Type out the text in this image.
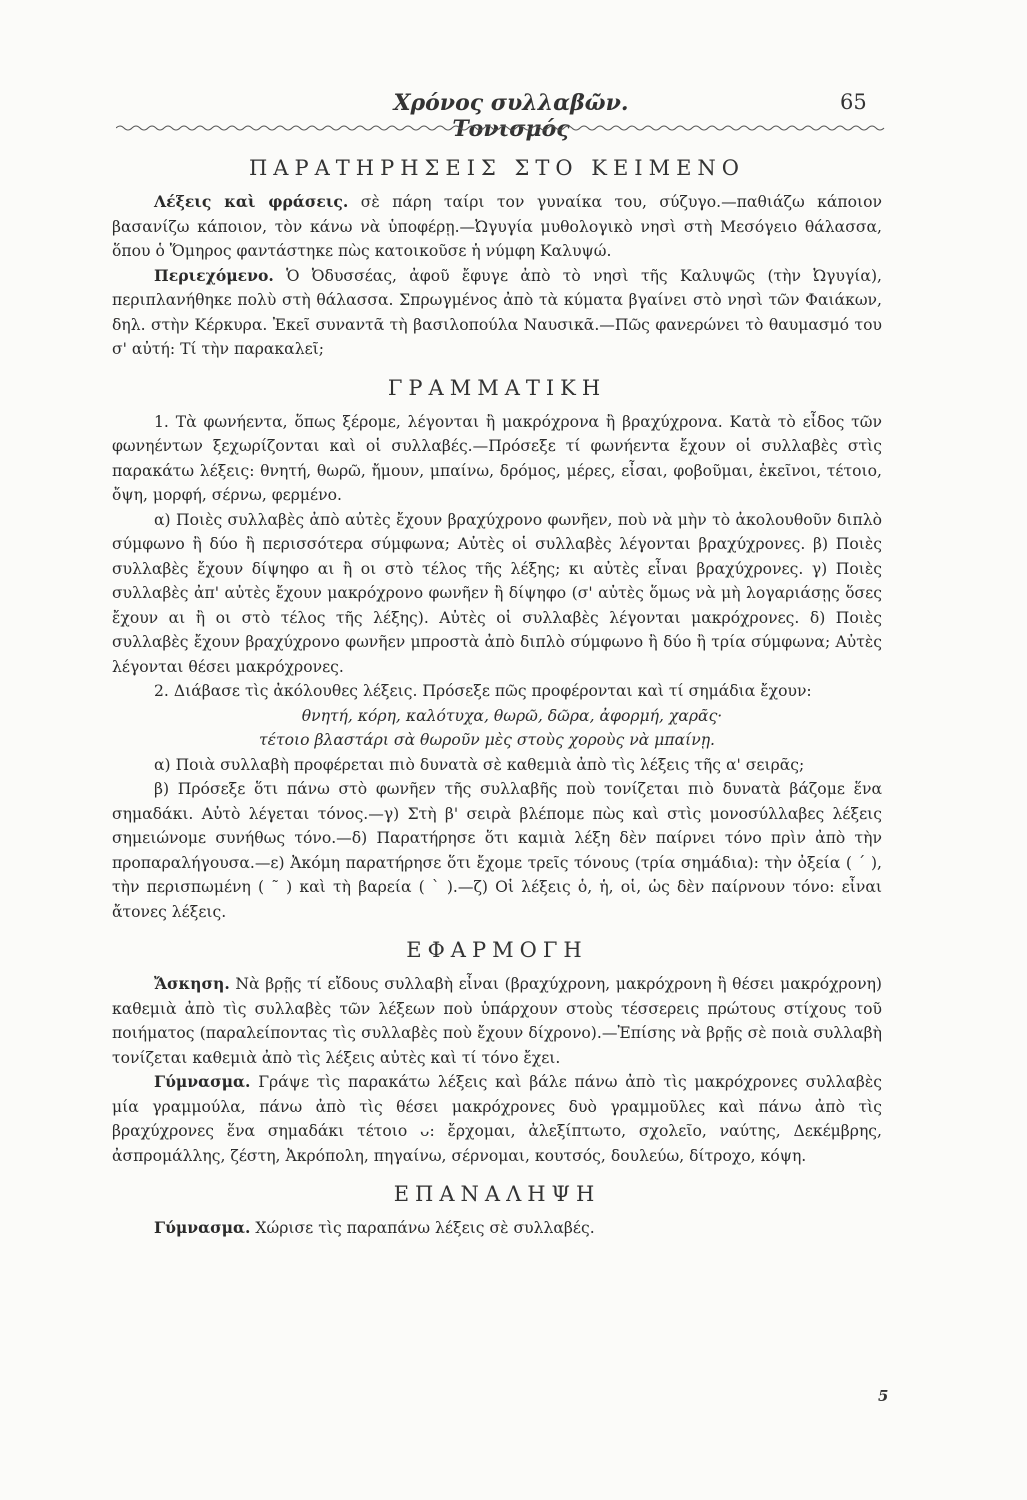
Χρόνος συλλαβῶν. Τονισμός
65
ΠΑΡΑΤΗΡΗΣΕΙΣ ΣΤΟ ΚΕΙΜΕΝΟ

Λέξεις καὶ φράσεις. σὲ πάρη ταίρι τον γυναίκα του, σύζυγο.—παθιάζω κάποιον βασανίζω κάποιον, τὸν κάνω νὰ ὑποφέρῃ.—Ὠγυγία μυθολογικὸ νησὶ στὴ Μεσόγειο θάλασσα, ὅπου ὁ Ὅμηρος φαντάστηκε πὼς κατοικοῦσε ἡ νύμφη Καλυψώ.

Περιεχόμενο. Ὁ Ὀδυσσέας, ἀφοῦ ἔφυγε ἀπὸ τὸ νησὶ τῆς Καλυψῶς (τὴν Ὠγυγία), περιπλανήθηκε πολὺ στὴ θάλασσα. Σπρωγμένος ἀπὸ τὰ κύματα βγαίνει στὸ νησὶ τῶν Φαιάκων, δηλ. στὴν Κέρκυρα. Ἐκεῖ συναντᾶ τὴ βασιλοπούλα Ναυσικᾶ.—Πῶς φανερώνει τὸ θαυμασμό του σ' αὐτή: Τί τὴν παρακαλεῖ;

ΓΡΑΜΜΑΤΙΚΗ

1. Τὰ φωνήεντα, ὅπως ξέρομε, λέγονται ἢ μακρόχρονα ἢ βραχύχρονα. Κατὰ τὸ εἶδος τῶν φωνηέντων ξεχωρίζονται καὶ οἱ συλλαβές.—Πρόσεξε τί φωνήεντα ἔχουν οἱ συλλαβὲς στὶς παρακάτω λέξεις: θνητή, θωρῶ, ἤμουν, μπαίνω, δρόμος, μέρες, εἶσαι, φοβοῦμαι, ἐκεῖνοι, τέτοιο, ὄψη, μορφή, σέρνω, φερμένο.

α) Ποιὲς συλλαβὲς ἀπὸ αὐτὲς ἔχουν βραχύχρονο φωνῆεν, ποὺ νὰ μὴν τὸ ἀκολουθοῦν διπλὸ σύμφωνο ἢ δύο ἢ περισσότερα σύμφωνα; Αὐτὲς οἱ συλλαβὲς λέγονται βραχύχρονες. β) Ποιὲς συλλαβὲς ἔχουν δίψηφο αι ἢ οι στὸ τέλος τῆς λέξης; κι αὐτὲς εἶναι βραχύχρονες. γ) Ποιὲς συλλαβὲς ἀπ' αὐτὲς ἔχουν μακρόχρονο φωνῆεν ἢ δίψηφο (σ' αὐτὲς ὅμως νὰ μὴ λογαριάσῃς ὅσες ἔχουν αι ἢ οι στὸ τέλος τῆς λέξης). Αὐτὲς οἱ συλλαβὲς λέγονται μακρόχρονες. δ) Ποιὲς συλλαβὲς ἔχουν βραχύχρονο φωνῆεν μπροστὰ ἀπὸ διπλὸ σύμφωνο ἢ δύο ἢ τρία σύμφωνα; Αὐτὲς λέγονται θέσει μακρόχρονες.

2. Διάβασε τὶς ἀκόλουθες λέξεις. Πρόσεξε πῶς προφέρονται καὶ τί σημάδια ἔχουν:

θνητή, κόρη, καλότυχα, θωρῶ, δῶρα, ἀφορμή, χαρᾶς·
τέτοιο βλαστάρι σὰ θωροῦν μὲς στοὺς χοροὺς νὰ μπαίνῃ.

α) Ποιὰ συλλαβὴ προφέρεται πιὸ δυνατὰ σὲ καθεμιὰ ἀπὸ τὶς λέξεις τῆς α' σειρᾶς;

β) Πρόσεξε ὅτι πάνω στὸ φωνῆεν τῆς συλλαβῆς ποὺ τονίζεται πιὸ δυνατὰ βάζομε ἕνα σημαδάκι. Αὐτὸ λέγεται τόνος.—γ) Στὴ β' σειρὰ βλέπομε πὼς καὶ στὶς μονοσύλλαβες λέξεις σημειώνομε συνήθως τόνο.—δ) Παρατήρησε ὅτι καμιὰ λέξη δὲν παίρνει τόνο πρὶν ἀπὸ τὴν προπαραλήγουσα.—ε) Ἀκόμη παρατήρησε ὅτι ἔχομε τρεῖς τόνους (τρία σημάδια): τὴν ὀξεία ( ´ ), τὴν περισπωμένη ( ῀ ) καὶ τὴ βαρεία ( ` ).—ζ) Οἱ λέξεις ὁ, ἡ, οἱ, ὡς δὲν παίρνουν τόνο: εἶναι ἄτονες λέξεις.

ΕΦΑΡΜΟΓΗ

Ἄσκηση. Νὰ βρῇς τί εἴδους συλλαβὴ εἶναι (βραχύχρονη, μακρόχρονη ἢ θέσει μακρόχρονη) καθεμιὰ ἀπὸ τὶς συλλαβὲς τῶν λέξεων ποὺ ὑπάρχουν στοὺς τέσσερεις πρώτους στίχους τοῦ ποιήματος (παραλείποντας τὶς συλλαβὲς ποὺ ἔχουν δίχρονο).—Ἐπίσης νὰ βρῇς σὲ ποιὰ συλλαβὴ τονίζεται καθεμιὰ ἀπὸ τὶς λέξεις αὐτὲς καὶ τί τόνο ἔχει.

Γύμνασμα. Γράψε τὶς παρακάτω λέξεις καὶ βάλε πάνω ἀπὸ τὶς μακρόχρονες συλλαβὲς μία γραμμούλα, πάνω ἀπὸ τὶς θέσει μακρόχρονες δυὸ γραμμοῦλες καὶ πάνω ἀπὸ τὶς βραχύχρονες ἕνα σημαδάκι τέτοιο ᴗ: ἔρχομαι, ἀλεξίπτωτο, σχολεῖο, ναύτης, Δεκέμβρης, ἀσπρομάλλης, ζέστη, Ἀκρόπολη, πηγαίνω, σέρνομαι, κουτσός, δουλεύω, δίτροχο, κόψη.

ΕΠΑΝΑΛΗΨΗ

Γύμνασμα. Χώρισε τὶς παραπάνω λέξεις σὲ συλλαβές.

5
